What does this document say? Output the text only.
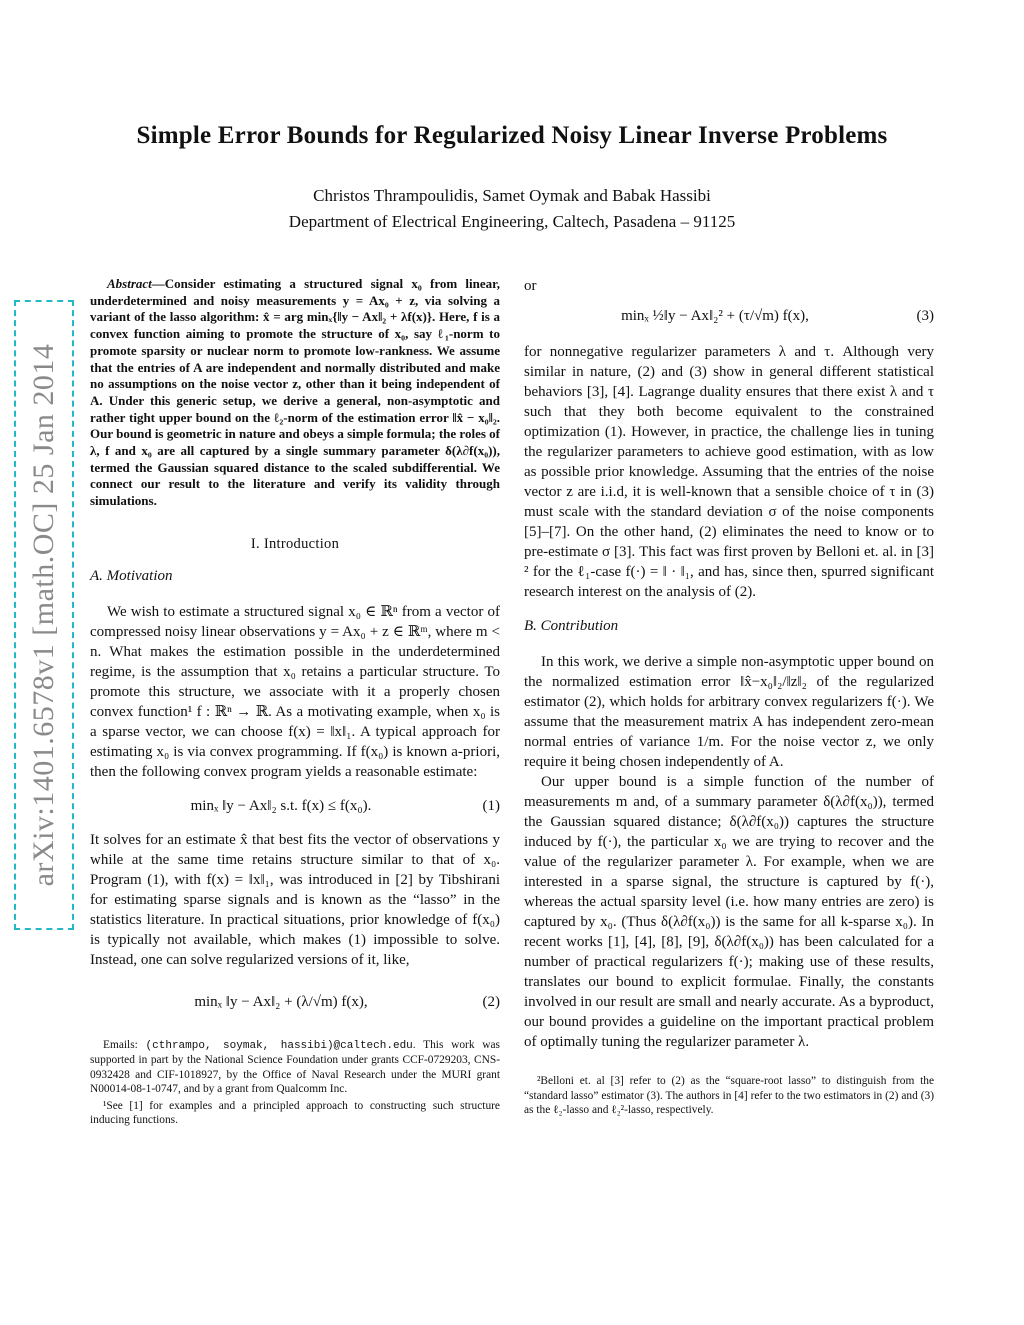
arXiv:1401.6578v1 [math.OC] 25 Jan 2014
Simple Error Bounds for Regularized Noisy Linear Inverse Problems
Christos Thrampoulidis, Samet Oymak and Babak Hassibi
Department of Electrical Engineering, Caltech, Pasadena – 91125

Abstract—Consider estimating a structured signal x₀ from linear, underdetermined and noisy measurements y = Ax₀ + z, via solving a variant of the lasso algorithm: x̂ = arg minₓ{‖y − Ax‖₂ + λf(x)}. Here, f is a convex function aiming to promote the structure of x₀, say ℓ₁-norm to promote sparsity or nuclear norm to promote low-rankness. We assume that the entries of A are independent and normally distributed and make no assumptions on the noise vector z, other than it being independent of A. Under this generic setup, we derive a general, non-asymptotic and rather tight upper bound on the ℓ₂-norm of the estimation error ‖x̂ − x₀‖₂. Our bound is geometric in nature and obeys a simple formula; the roles of λ, f and x₀ are all captured by a single summary parameter δ(λ∂f(x₀)), termed the Gaussian squared distance to the scaled subdifferential. We connect our result to the literature and verify its validity through simulations.

I. Introduction
A. Motivation

We wish to estimate a structured signal x₀ ∈ ℝⁿ from a vector of compressed noisy linear observations y = Ax₀ + z ∈ ℝᵐ, where m < n. What makes the estimation possible in the underdetermined regime, is the assumption that x₀ retains a particular structure. To promote this structure, we associate with it a properly chosen convex function¹ f : ℝⁿ → ℝ. As a motivating example, when x₀ is a sparse vector, we can choose f(x) = ‖x‖₁. A typical approach for estimating x₀ is via convex programming. If f(x₀) is known a-priori, then the following convex program yields a reasonable estimate:

minₓ ‖y − Ax‖₂ s.t. f(x) ≤ f(x₀).	(1)

It solves for an estimate x̂ that best fits the vector of observations y while at the same time retains structure similar to that of x₀. Program (1), with f(x) = ‖x‖₁, was introduced in [2] by Tibshirani for estimating sparse signals and is known as the “lasso” in the statistics literature. In practical situations, prior knowledge of f(x₀) is typically not available, which makes (1) impossible to solve. Instead, one can solve regularized versions of it, like,

minₓ ‖y − Ax‖₂ + (λ/√m) f(x),	(2)

Emails: (cthrampo, soymak, hassibi)@caltech.edu. This work was supported in part by the National Science Foundation under grants CCF-0729203, CNS-0932428 and CIF-1018927, by the Office of Naval Research under the MURI grant N00014-08-1-0747, and by a grant from Qualcomm Inc.

¹See [1] for examples and a principled approach to constructing such structure inducing functions.

or

minₓ ½‖y − Ax‖₂² + (τ/√m) f(x),	(3)

for nonnegative regularizer parameters λ and τ. Although very similar in nature, (2) and (3) show in general different statistical behaviors [3], [4]. Lagrange duality ensures that there exist λ and τ such that they both become equivalent to the constrained optimization (1). However, in practice, the challenge lies in tuning the regularizer parameters to achieve good estimation, with as low as possible prior knowledge. Assuming that the entries of the noise vector z are i.i.d, it is well-known that a sensible choice of τ in (3) must scale with the standard deviation σ of the noise components [5]–[7]. On the other hand, (2) eliminates the need to know or to pre-estimate σ [3]. This fact was first proven by Belloni et. al. in [3] ² for the ℓ₁-case f(·) = ‖ · ‖₁, and has, since then, spurred significant research interest on the analysis of (2).

B. Contribution

In this work, we derive a simple non-asymptotic upper bound on the normalized estimation error ‖x̂−x₀‖₂/‖z‖₂ of the regularized estimator (2), which holds for arbitrary convex regularizers f(·). We assume that the measurement matrix A has independent zero-mean normal entries of variance 1/m. For the noise vector z, we only require it being chosen independently of A.

Our upper bound is a simple function of the number of measurements m and, of a summary parameter δ(λ∂f(x₀)), termed the Gaussian squared distance; δ(λ∂f(x₀)) captures the structure induced by f(·), the particular x₀ we are trying to recover and the value of the regularizer parameter λ. For example, when we are interested in a sparse signal, the structure is captured by f(·), whereas the actual sparsity level (i.e. how many entries are zero) is captured by x₀. (Thus δ(λ∂f(x₀)) is the same for all k-sparse x₀). In recent works [1], [4], [8], [9], δ(λ∂f(x₀)) has been calculated for a number of practical regularizers f(·); making use of these results, translates our bound to explicit formulae. Finally, the constants involved in our result are small and nearly accurate. As a byproduct, our bound provides a guideline on the important practical problem of optimally tuning the regularizer parameter λ.

²Belloni et. al [3] refer to (2) as the “square-root lasso” to distinguish from the “standard lasso” estimator (3). The authors in [4] refer to the two estimators in (2) and (3) as the ℓ₂-lasso and ℓ₂²-lasso, respectively.
